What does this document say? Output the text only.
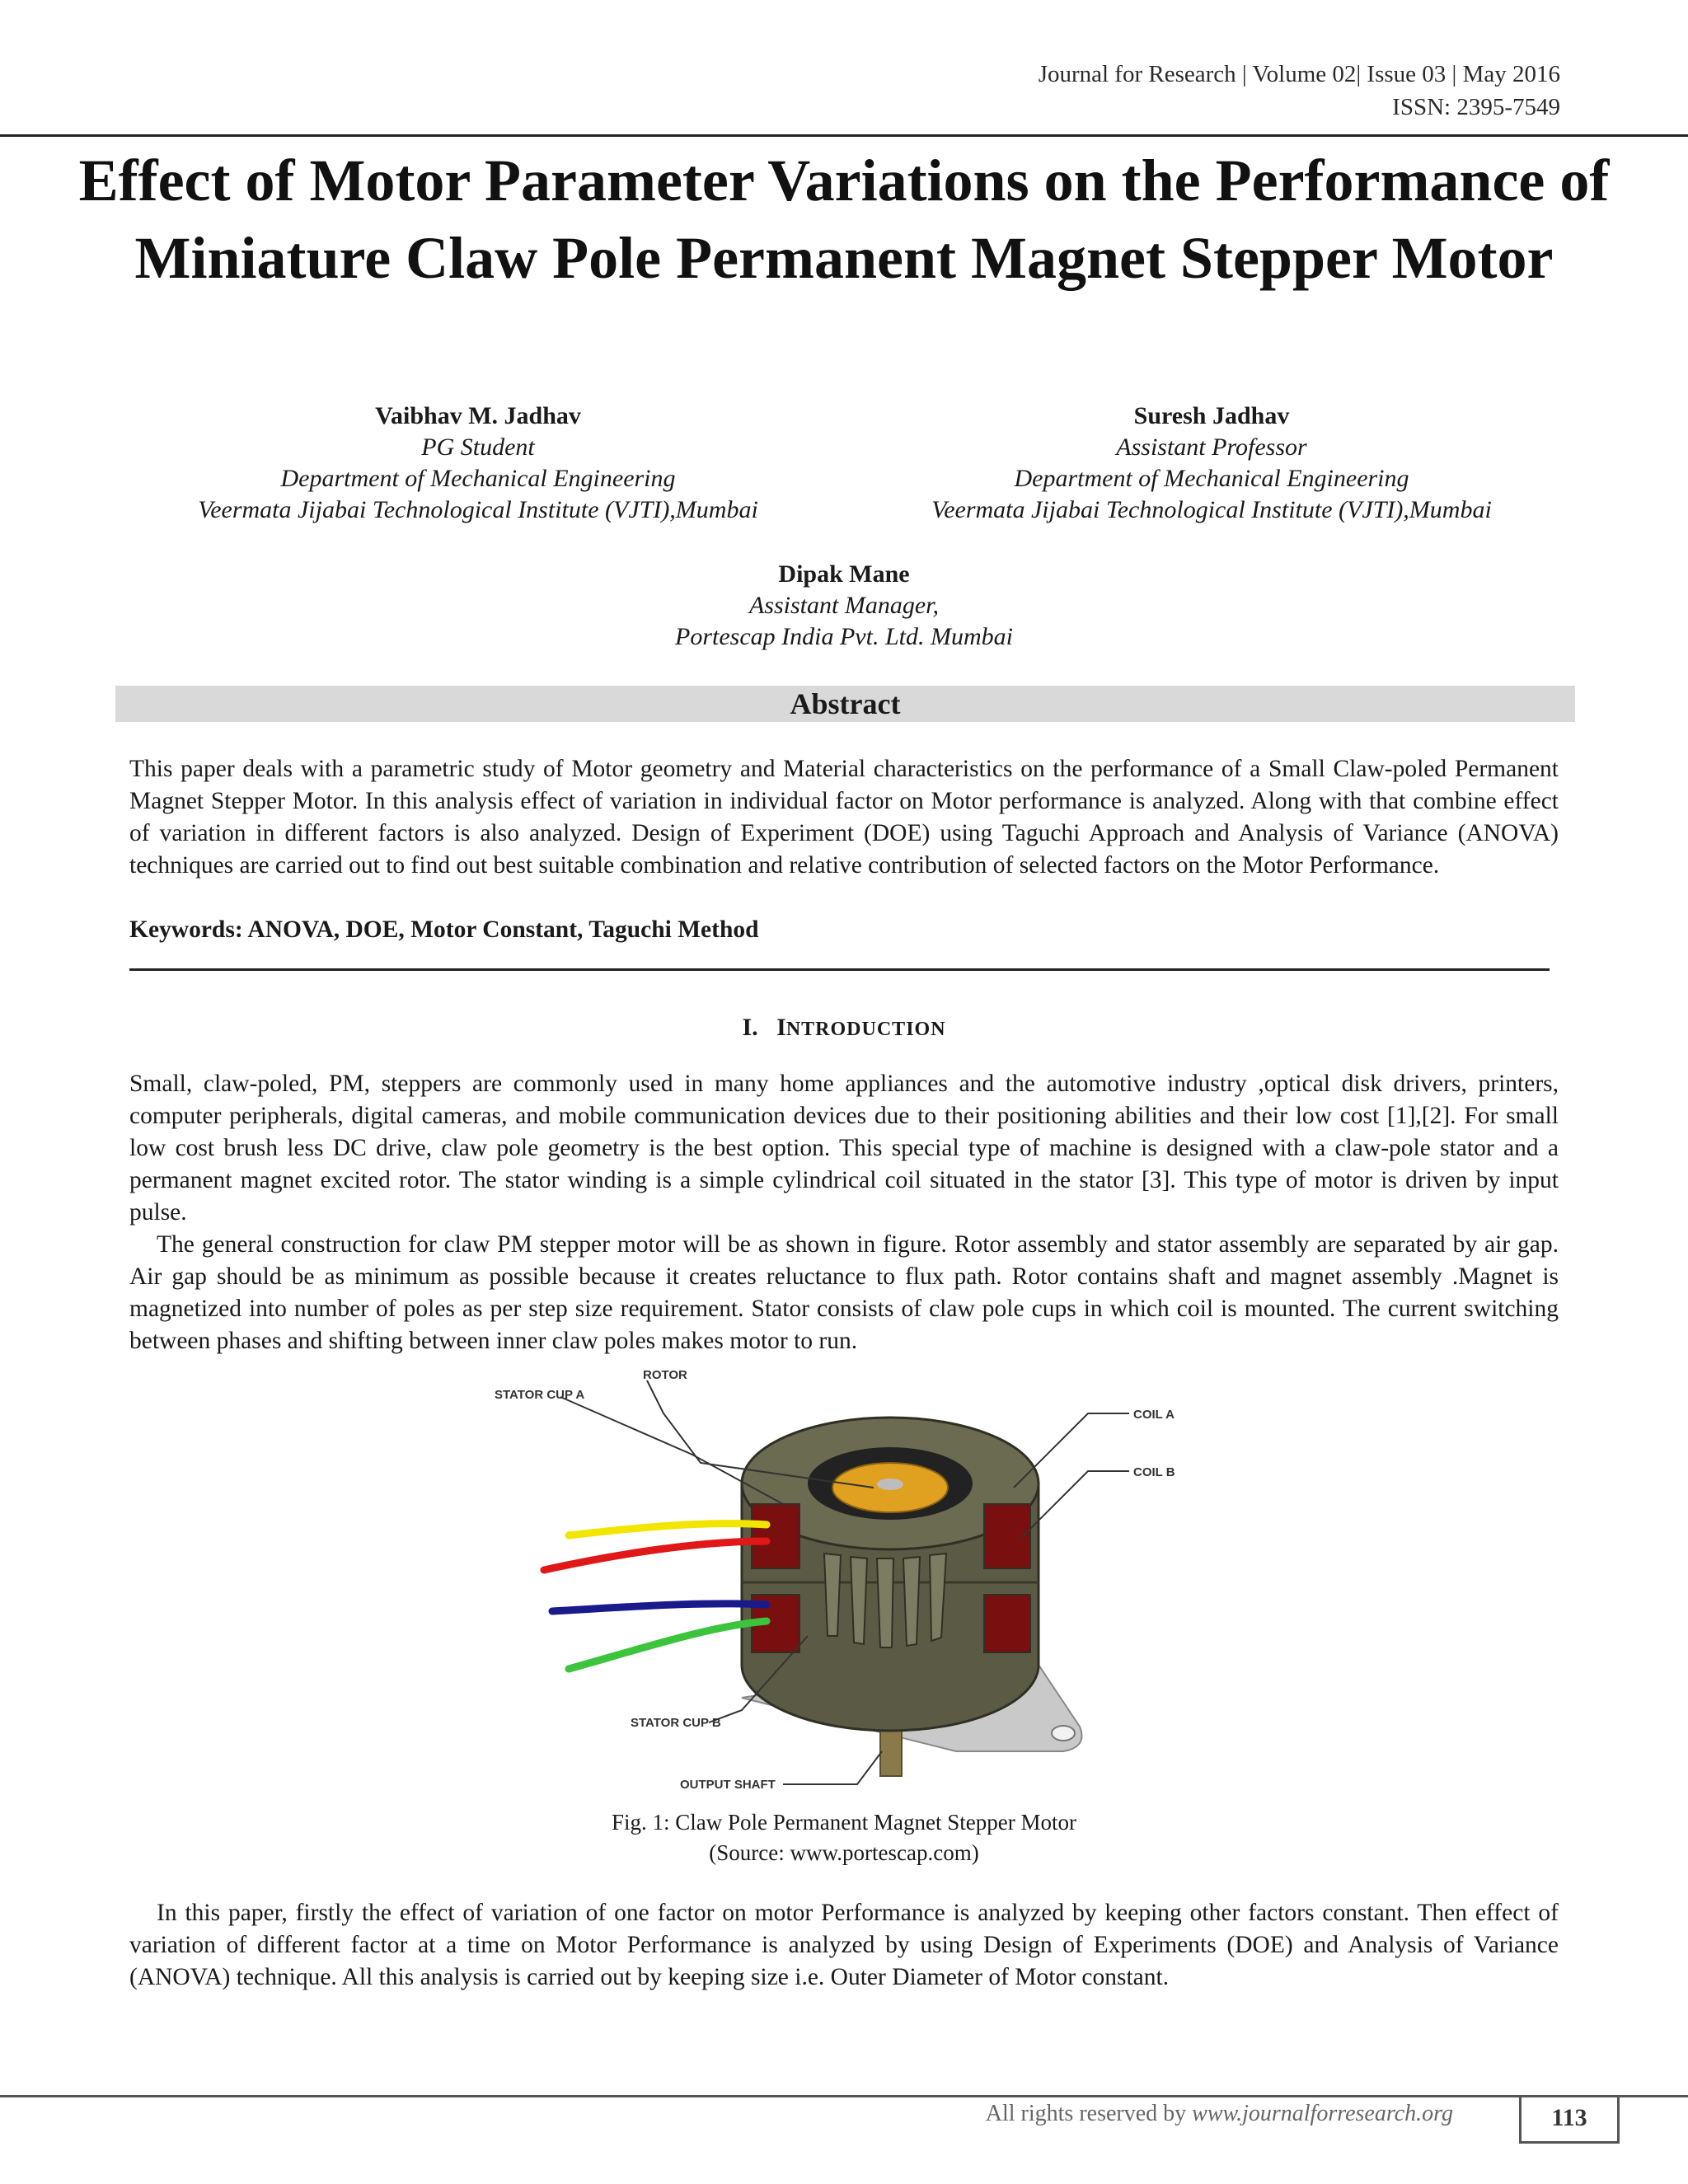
Journal for Research | Volume 02| Issue 03 | May 2016
ISSN: 2395-7549
Effect of Motor Parameter Variations on the Performance of Miniature Claw Pole Permanent Magnet Stepper Motor
Vaibhav M. Jadhav
PG Student
Department of Mechanical Engineering
Veermata Jijabai Technological Institute (VJTI),Mumbai
Suresh Jadhav
Assistant Professor
Department of Mechanical Engineering
Veermata Jijabai Technological Institute (VJTI),Mumbai
Dipak Mane
Assistant Manager,
Portescap India Pvt. Ltd. Mumbai
Abstract
This paper deals with a parametric study of Motor geometry and Material characteristics on the performance of a Small Claw-poled Permanent Magnet Stepper Motor. In this analysis effect of variation in individual factor on Motor performance is analyzed. Along with that combine effect of variation in different factors is also analyzed. Design of Experiment (DOE) using Taguchi Approach and Analysis of Variance (ANOVA) techniques are carried out to find out best suitable combination and relative contribution of selected factors on the Motor Performance.
Keywords: ANOVA, DOE, Motor Constant, Taguchi Method
I. INTRODUCTION
Small, claw-poled, PM, steppers are commonly used in many home appliances and the automotive industry ,optical disk drivers, printers, computer peripherals, digital cameras, and mobile communication devices due to their positioning abilities and their low cost [1],[2]. For small low cost brush less DC drive, claw pole geometry is the best option. This special type of machine is designed with a claw-pole stator and a permanent magnet excited rotor. The stator winding is a simple cylindrical coil situated in the stator [3]. This type of motor is driven by input pulse.
The general construction for claw PM stepper motor will be as shown in figure. Rotor assembly and stator assembly are separated by air gap. Air gap should be as minimum as possible because it creates reluctance to flux path. Rotor contains shaft and magnet assembly .Magnet is magnetized into number of poles as per step size requirement. Stator consists of claw pole cups in which coil is mounted. The current switching between phases and shifting between inner claw poles makes motor to run.
ROTOR
STATOR CUP A
COIL A
COIL B
STATOR CUP B
OUTPUT SHAFT
Fig. 1: Claw Pole Permanent Magnet Stepper Motor
(Source: www.portescap.com)
In this paper, firstly the effect of variation of one factor on motor Performance is analyzed by keeping other factors constant. Then effect of variation of different factor at a time on Motor Performance is analyzed by using Design of Experiments (DOE) and Analysis of Variance (ANOVA) technique. All this analysis is carried out by keeping size i.e. Outer Diameter of Motor constant.
All rights reserved by www.journalforresearch.org	113
